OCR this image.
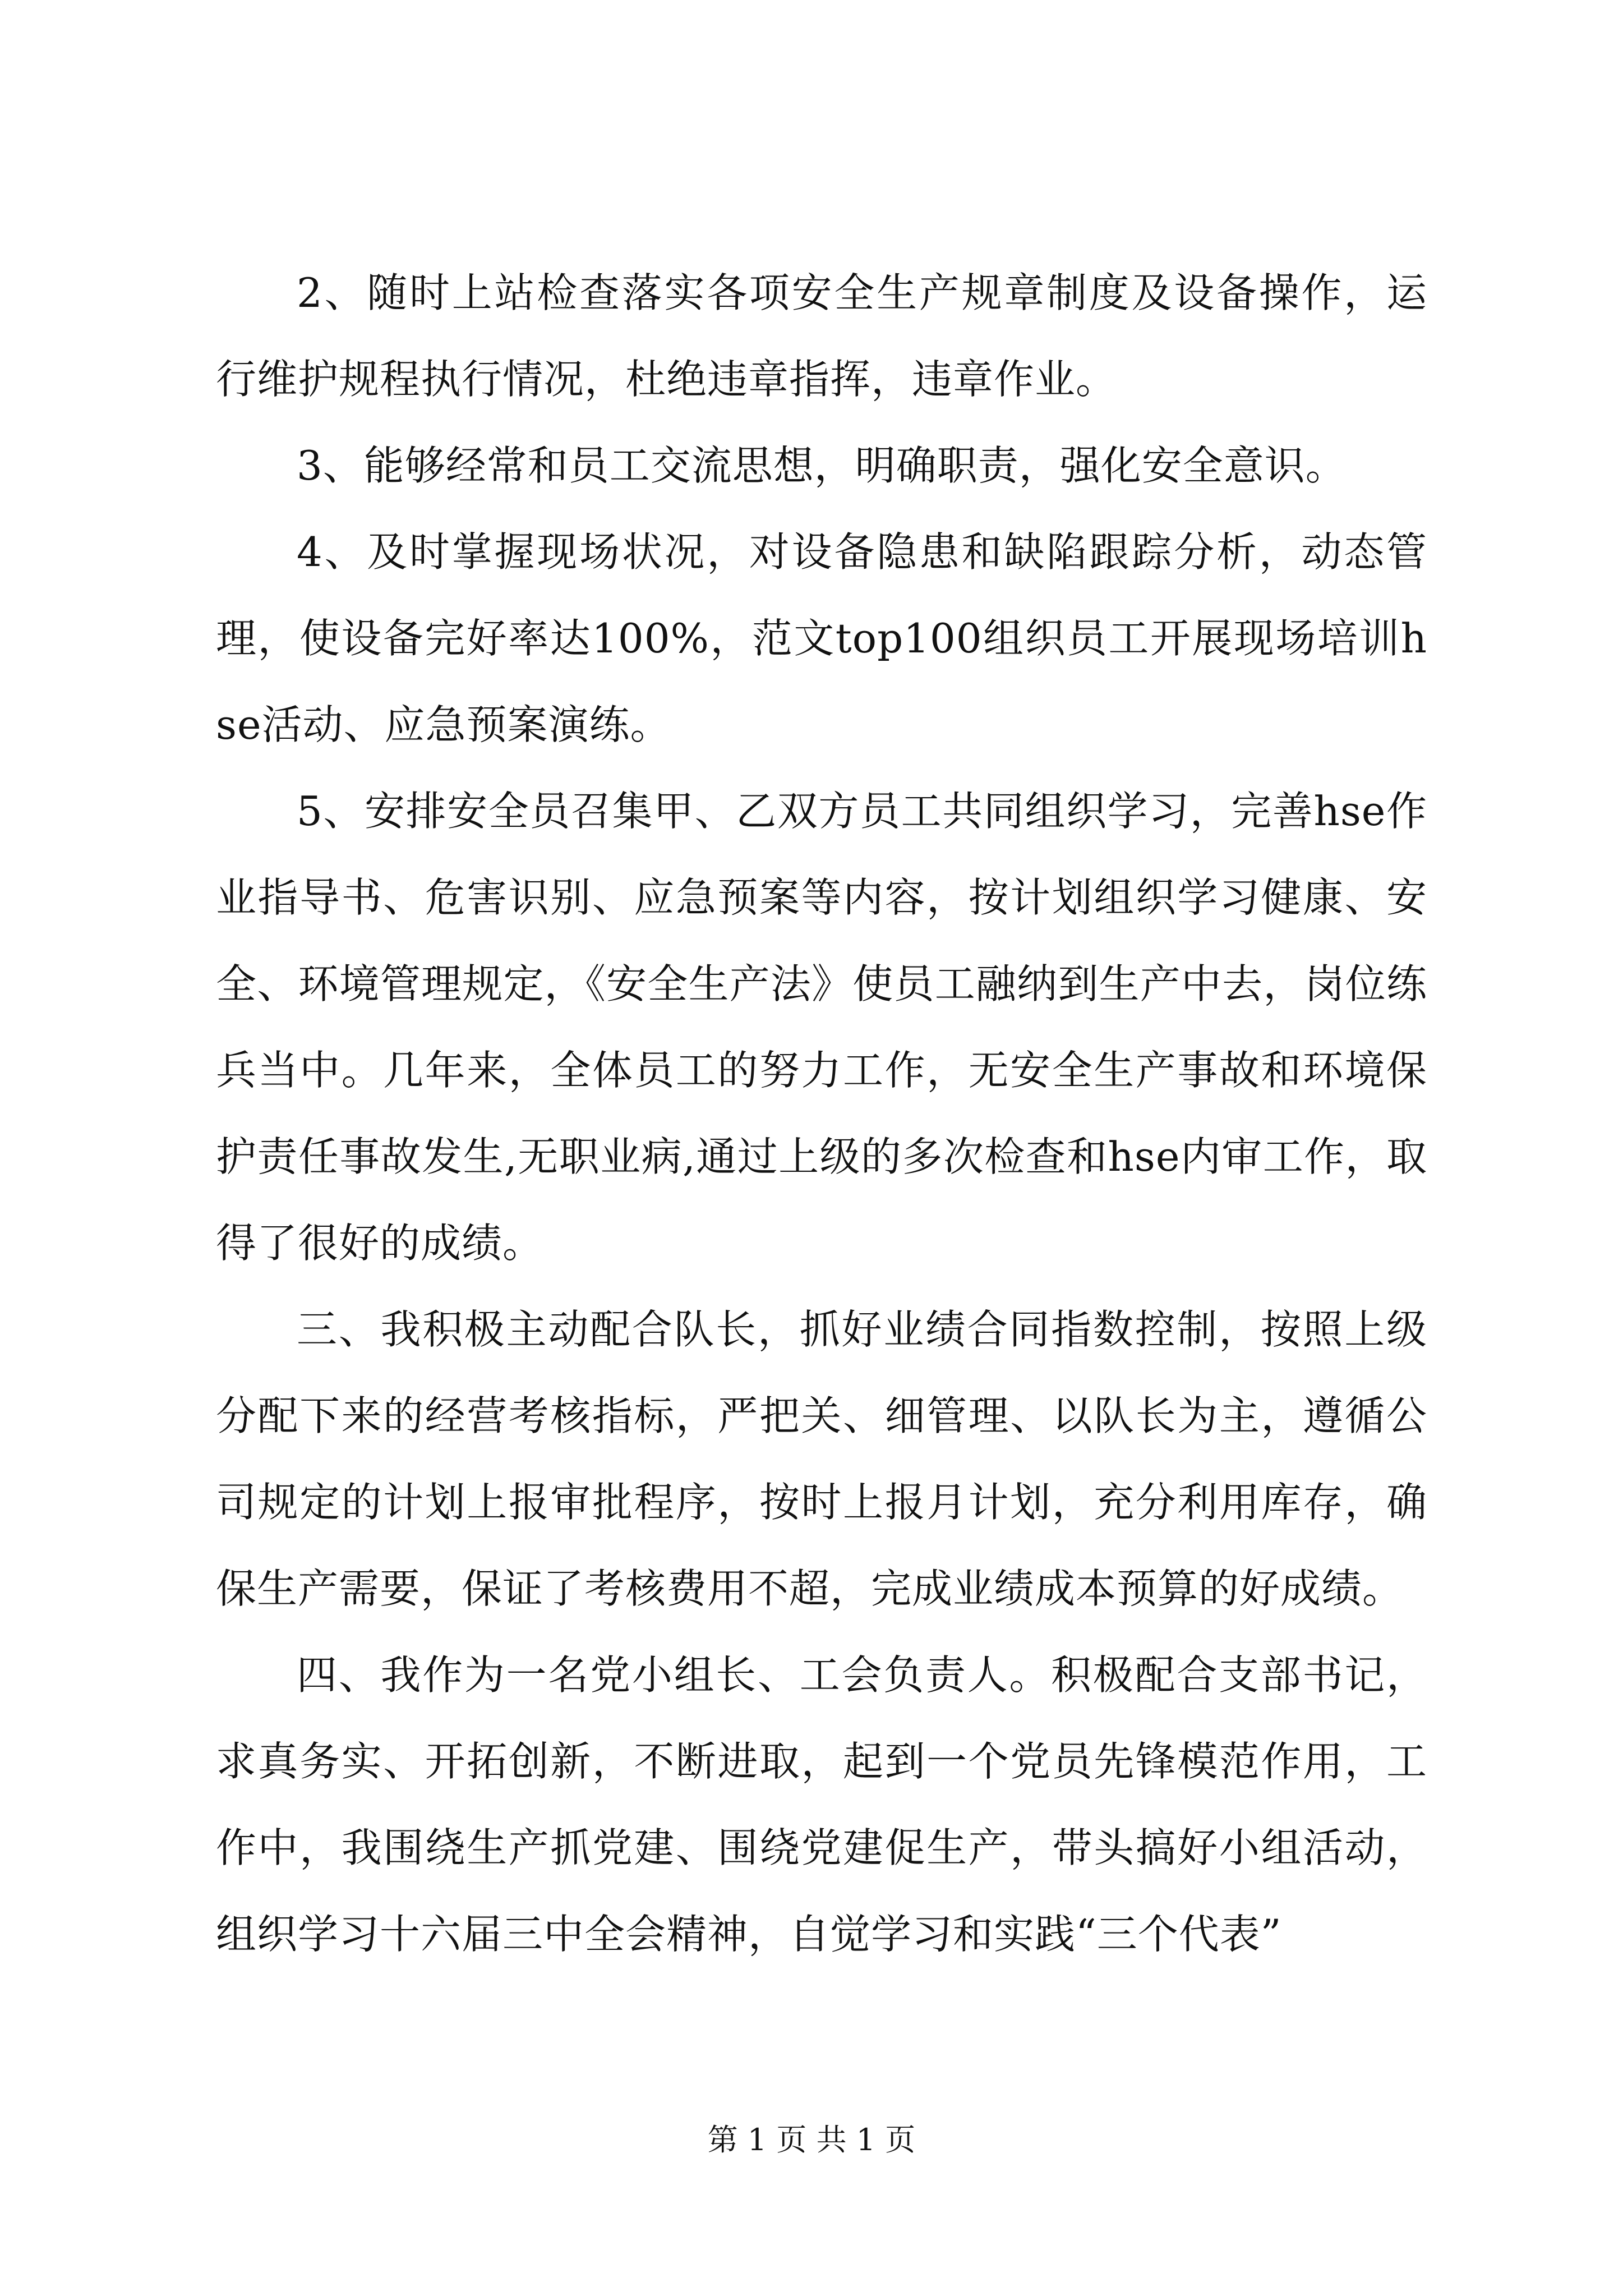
2、随时上站检查落实各项安全生产规章制度及设备操作，运行维护规程执行情况，杜绝违章指挥，违章作业。

3、能够经常和员工交流思想，明确职责，强化安全意识。

4、及时掌握现场状况，对设备隐患和缺陷跟踪分析，动态管理，使设备完好率达100%，范文top100组织员工开展现场培训hse活动、应急预案演练。

5、安排安全员召集甲、乙双方员工共同组织学习，完善hse作业指导书、危害识别、应急预案等内容，按计划组织学习健康、安全、环境管理规定，《安全生产法》使员工融纳到生产中去，岗位练兵当中。几年来，全体员工的努力工作，无安全生产事故和环境保护责任事故发生,无职业病,通过上级的多次检查和hse内审工作，取得了很好的成绩。

三、我积极主动配合队长，抓好业绩合同指数控制，按照上级分配下来的经营考核指标，严把关、细管理、以队长为主，遵循公司规定的计划上报审批程序，按时上报月计划，充分利用库存，确保生产需要，保证了考核费用不超，完成业绩成本预算的好成绩。

四、我作为一名党小组长、工会负责人。积极配合支部书记，求真务实、开拓创新，不断进取，起到一个党员先锋模范作用，工作中，我围绕生产抓党建、围绕党建促生产，带头搞好小组活动，组织学习十六届三中全会精神，自觉学习和实践“三个代表”

第 1 页 共 1 页
